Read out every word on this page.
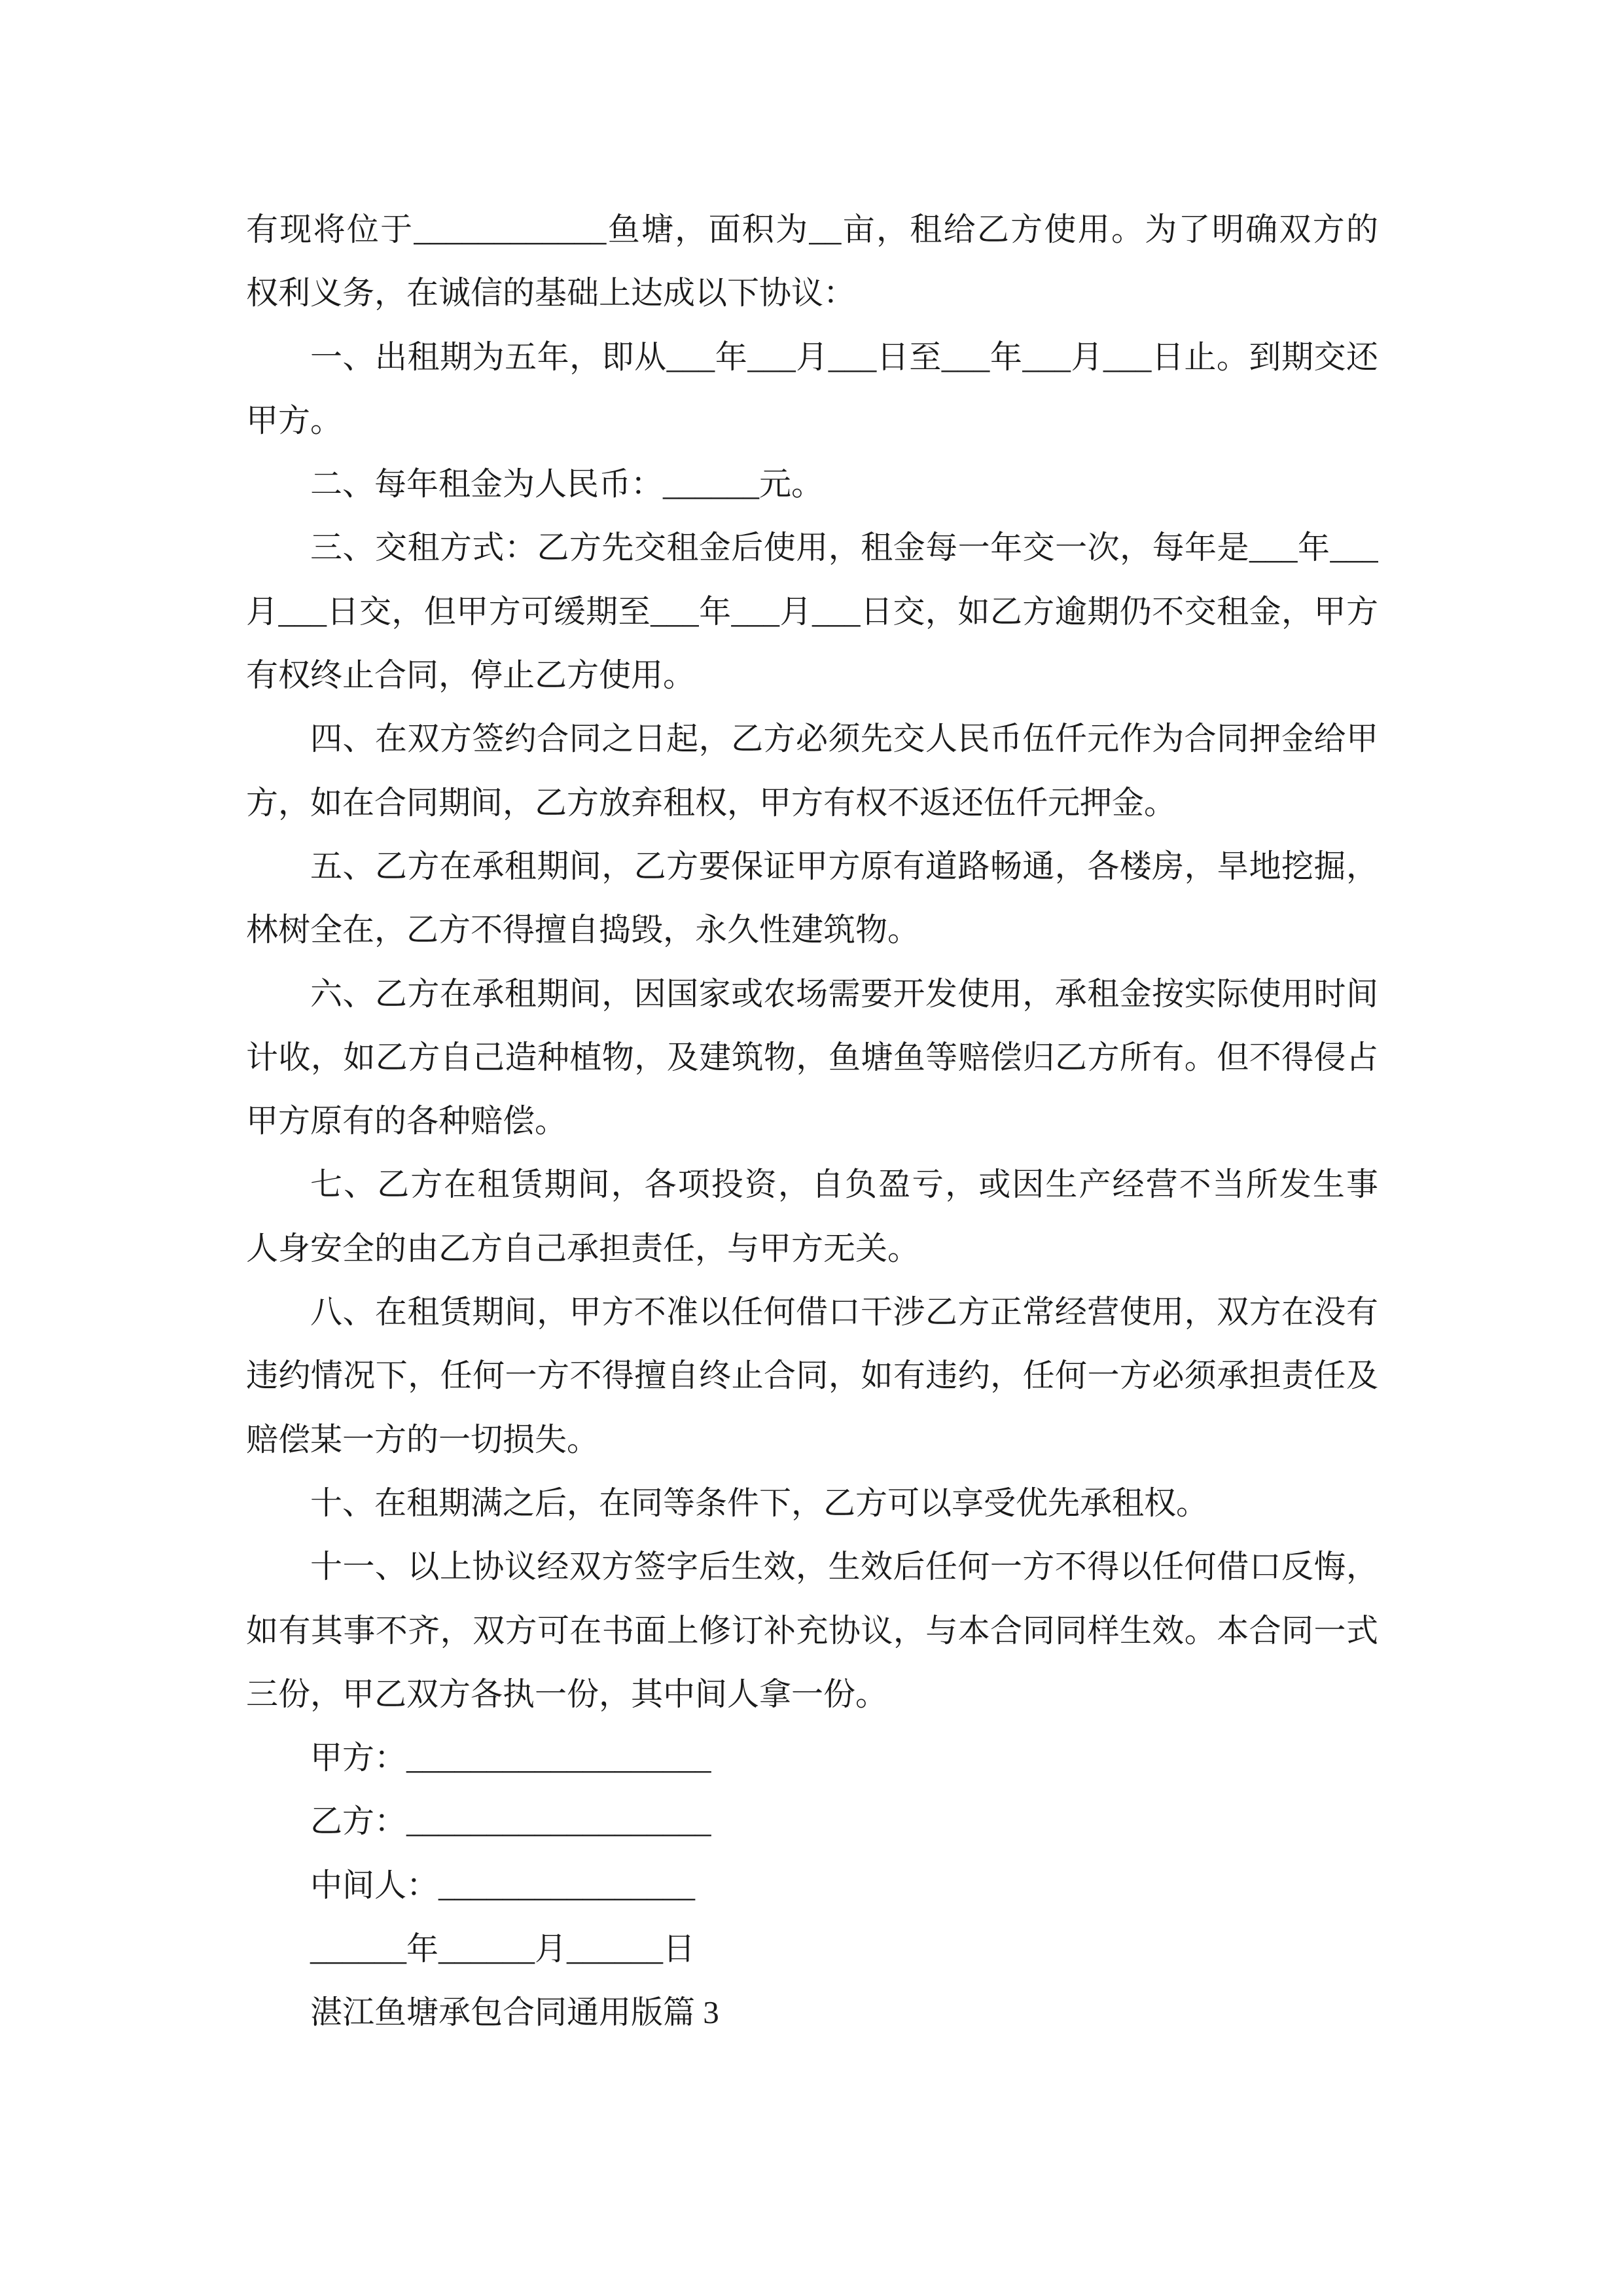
有现将位于____________鱼塘，面积为__亩，租给乙方使用。为了明确双方的
权利义务，在诚信的基础上达成以下协议：
一、出租期为五年，即从___年___月___日至___年___月___日止。到期交还
甲方。
二、每年租金为人民币：______元。
三、交租方式：乙方先交租金后使用，租金每一年交一次，每年是___年___
月___日交，但甲方可缓期至___年___月___日交，如乙方逾期仍不交租金，甲方
有权终止合同，停止乙方使用。
四、在双方签约合同之日起，乙方必须先交人民币伍仟元作为合同押金给甲
方，如在合同期间，乙方放弃租权，甲方有权不返还伍仟元押金。
五、乙方在承租期间，乙方要保证甲方原有道路畅通，各楼房，旱地挖掘，
林树全在，乙方不得擅自捣毁，永久性建筑物。
六、乙方在承租期间，因国家或农场需要开发使用，承租金按实际使用时间
计收，如乙方自己造种植物，及建筑物，鱼塘鱼等赔偿归乙方所有。但不得侵占
甲方原有的各种赔偿。
七、乙方在租赁期间，各项投资，自负盈亏，或因生产经营不当所发生事
人身安全的由乙方自己承担责任，与甲方无关。
八、在租赁期间，甲方不准以任何借口干涉乙方正常经营使用，双方在没有
违约情况下，任何一方不得擅自终止合同，如有违约，任何一方必须承担责任及
赔偿某一方的一切损失。
十、在租期满之后，在同等条件下，乙方可以享受优先承租权。
十一、以上协议经双方签字后生效，生效后任何一方不得以任何借口反悔，
如有其事不齐，双方可在书面上修订补充协议，与本合同同样生效。本合同一式
三份，甲乙双方各执一份，其中间人拿一份。
甲方：___________________
乙方：___________________
中间人：________________
______年______月______日
湛江鱼塘承包合同通用版篇 3
